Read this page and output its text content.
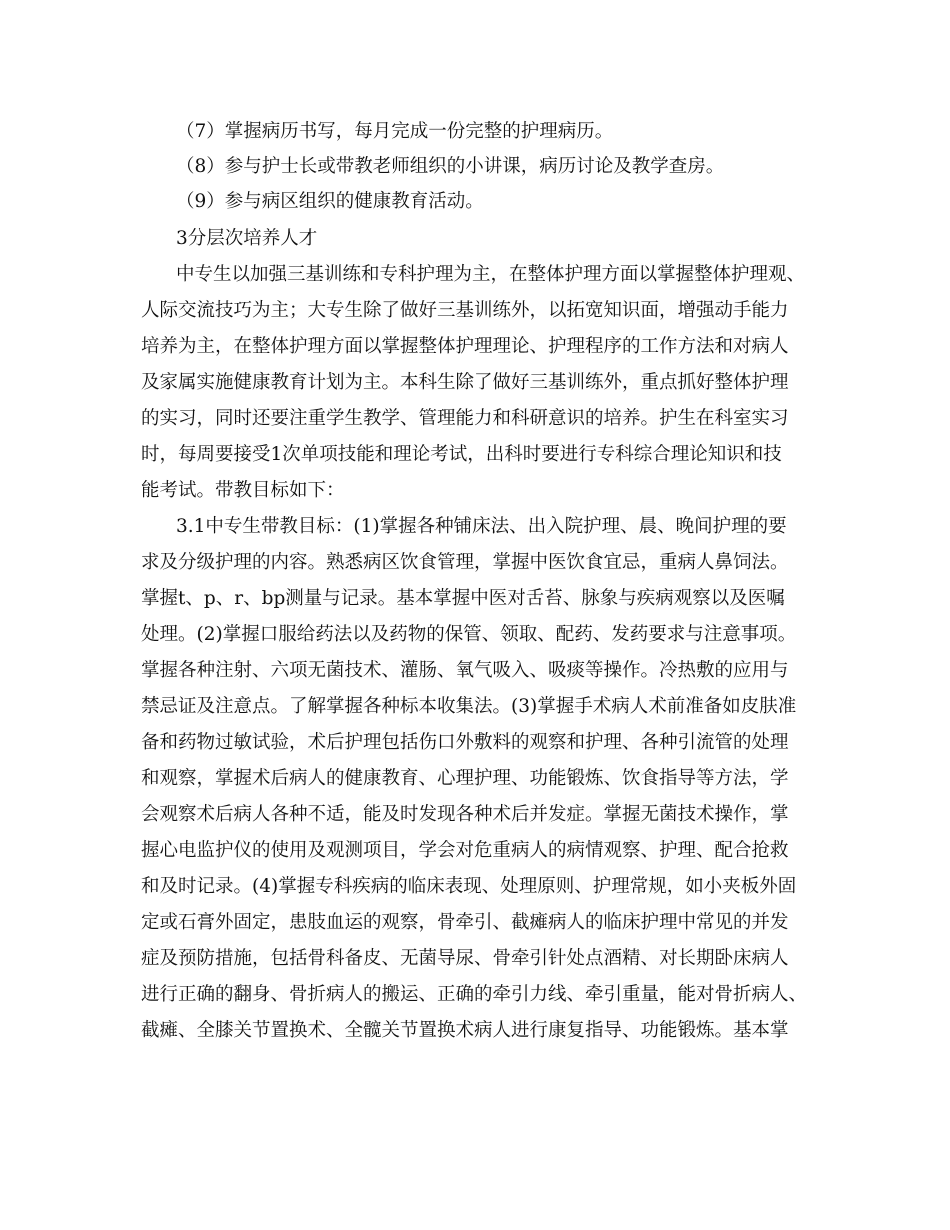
（7）掌握病历书写，每月完成一份完整的护理病历。
（8）参与护士长或带教老师组织的小讲课，病历讨论及教学查房。
（9）参与病区组织的健康教育活动。
3分层次培养人才
中专生以加强三基训练和专科护理为主，在整体护理方面以掌握整体护理观、
人际交流技巧为主；大专生除了做好三基训练外，以拓宽知识面，增强动手能力
培养为主，在整体护理方面以掌握整体护理理论、护理程序的工作方法和对病人
及家属实施健康教育计划为主。本科生除了做好三基训练外，重点抓好整体护理
的实习，同时还要注重学生教学、管理能力和科研意识的培养。护生在科室实习
时，每周要接受1次单项技能和理论考试，出科时要进行专科综合理论知识和技
能考试。带教目标如下：
3.1中专生带教目标：(1)掌握各种铺床法、出入院护理、晨、晚间护理的要
求及分级护理的内容。熟悉病区饮食管理，掌握中医饮食宜忌，重病人鼻饲法。
掌握t、p、r、bp测量与记录。基本掌握中医对舌苔、脉象与疾病观察以及医嘱
处理。(2)掌握口服给药法以及药物的保管、领取、配药、发药要求与注意事项。
掌握各种注射、六项无菌技术、灌肠、氧气吸入、吸痰等操作。冷热敷的应用与
禁忌证及注意点。了解掌握各种标本收集法。(3)掌握手术病人术前准备如皮肤准
备和药物过敏试验，术后护理包括伤口外敷料的观察和护理、各种引流管的处理
和观察，掌握术后病人的健康教育、心理护理、功能锻炼、饮食指导等方法，学
会观察术后病人各种不适，能及时发现各种术后并发症。掌握无菌技术操作，掌
握心电监护仪的使用及观测项目，学会对危重病人的病情观察、护理、配合抢救
和及时记录。(4)掌握专科疾病的临床表现、处理原则、护理常规，如小夹板外固
定或石膏外固定，患肢血运的观察，骨牵引、截瘫病人的临床护理中常见的并发
症及预防措施，包括骨科备皮、无菌导尿、骨牵引针处点酒精、对长期卧床病人
进行正确的翻身、骨折病人的搬运、正确的牵引力线、牵引重量，能对骨折病人、
截瘫、全膝关节置换术、全髋关节置换术病人进行康复指导、功能锻炼。基本掌
